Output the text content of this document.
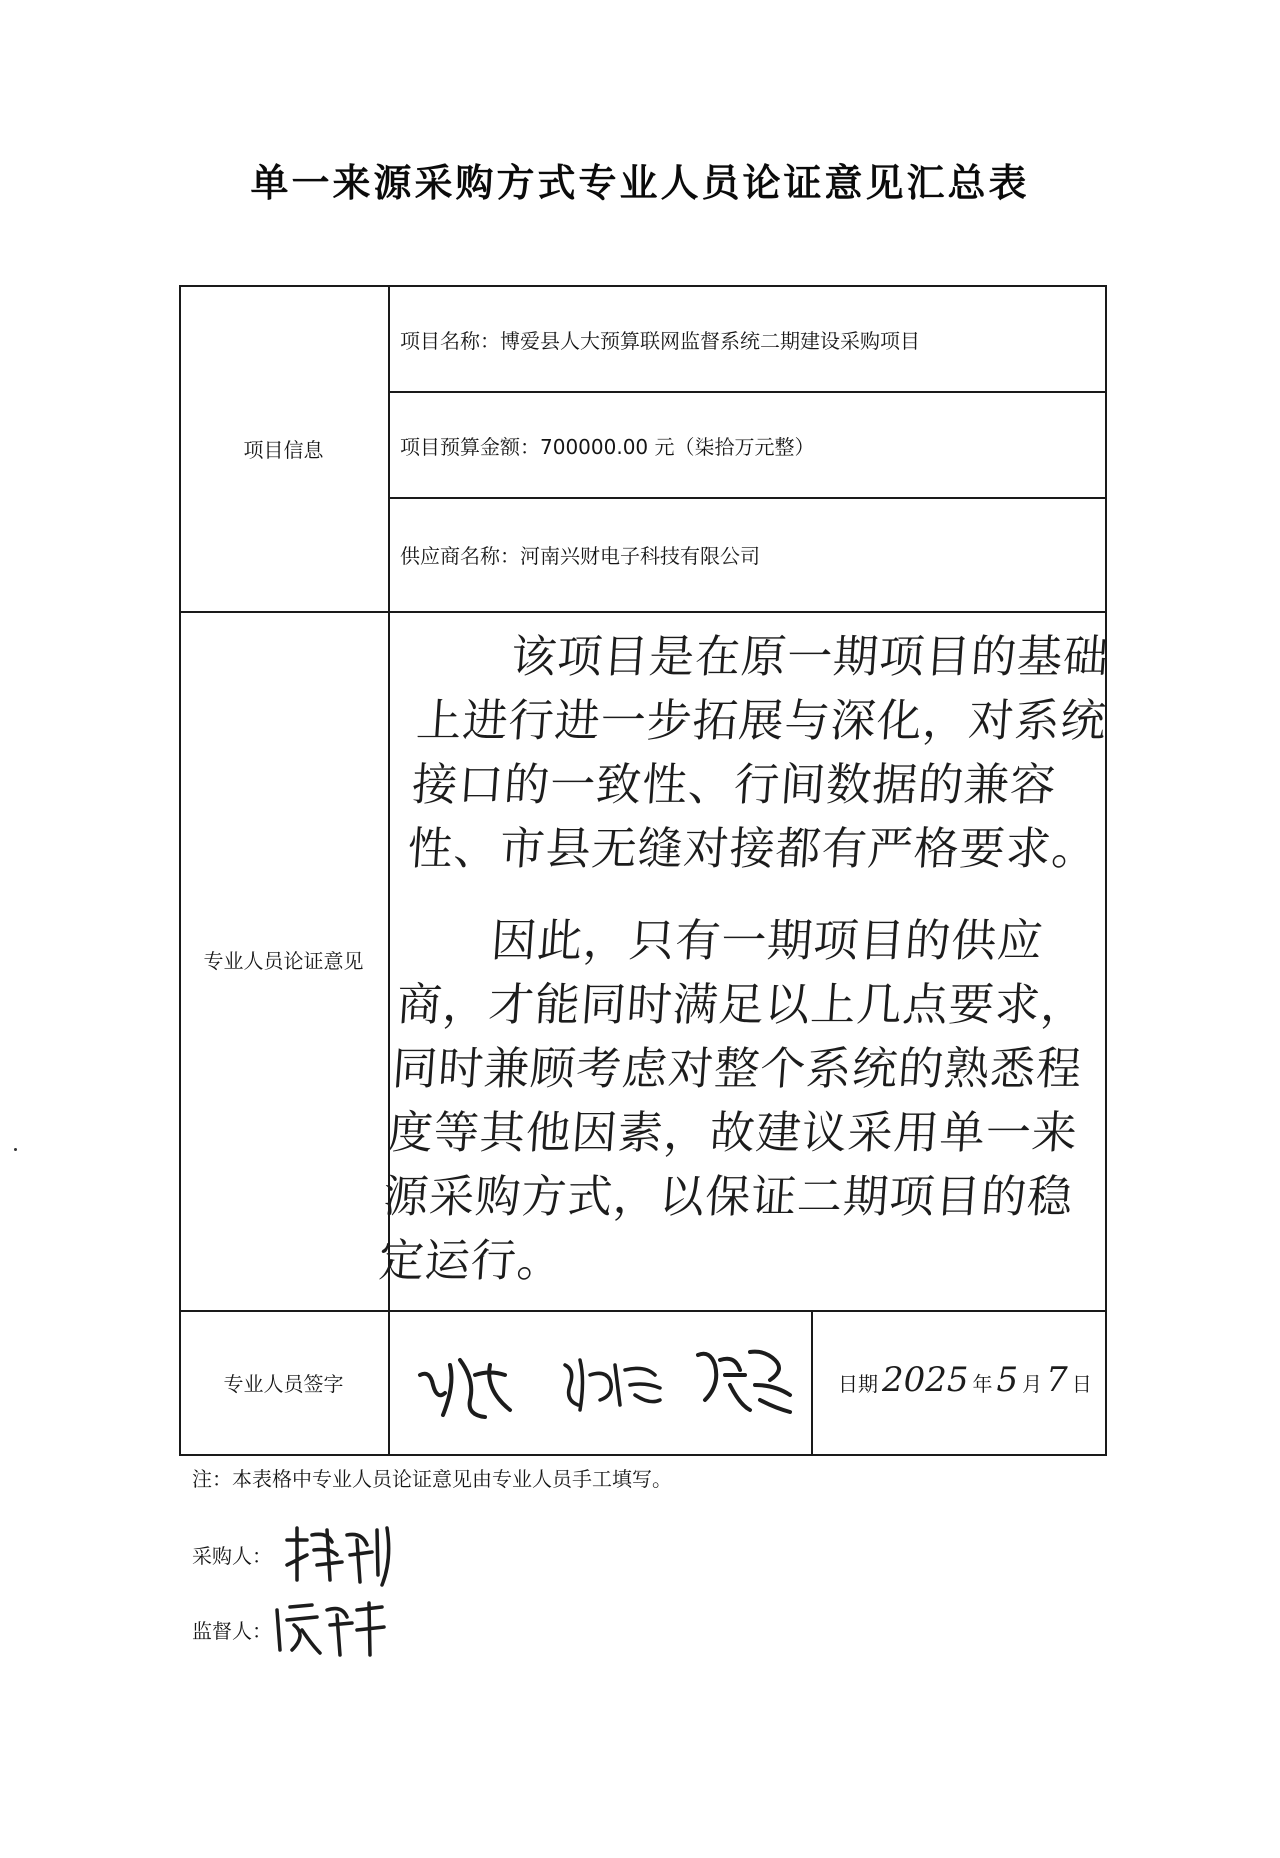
单一来源采购方式专业人员论证意见汇总表
项目信息
项目名称：博爱县人大预算联网监督系统二期建设采购项目
项目预算金额：700000.00 元（柒拾万元整）
供应商名称：河南兴财电子科技有限公司
专业人员论证意见

该项目是在原一期项目的基础上进行进一步拓展与深化，对系统接口的一致性、行间数据的兼容性、市县无缝对接都有严格要求。

因此，只有一期项目的供应商，才能同时满足以上几点要求，同时兼顾考虑对整个系统的熟悉程度等其他因素，故建议采用单一来源采购方式，以保证二期项目的稳定运行。

专业人员签字	日期 2025 年 5 月 7 日
注：本表格中专业人员论证意见由专业人员手工填写。
采购人：
监督人：
